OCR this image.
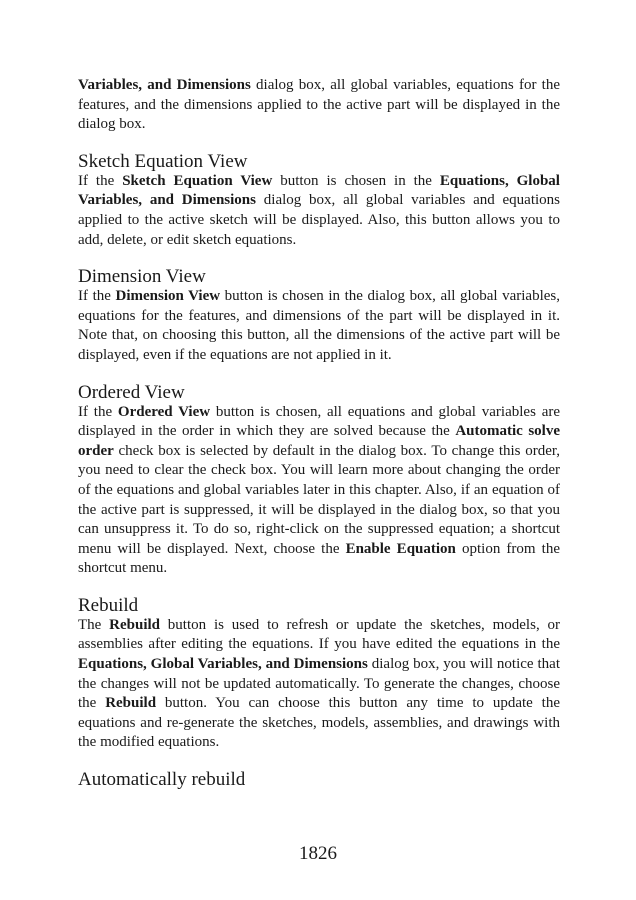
Variables, and Dimensions dialog box, all global variables, equations for the features, and the dimensions applied to the active part will be displayed in the dialog box.

Sketch Equation View

If the Sketch Equation View button is chosen in the Equations, Global Variables, and Dimensions dialog box, all global variables and equations applied to the active sketch will be displayed. Also, this button allows you to add, delete, or edit sketch equations.

Dimension View

If the Dimension View button is chosen in the dialog box, all global variables, equations for the features, and dimensions of the part will be displayed in it. Note that, on choosing this button, all the dimensions of the active part will be displayed, even if the equations are not applied in it.

Ordered View

If the Ordered View button is chosen, all equations and global variables are displayed in the order in which they are solved because the Automatic solve order check box is selected by default in the dialog box. To change this order, you need to clear the check box. You will learn more about changing the order of the equations and global variables later in this chapter. Also, if an equation of the active part is suppressed, it will be displayed in the dialog box, so that you can unsuppress it. To do so, right-click on the suppressed equation; a shortcut menu will be displayed. Next, choose the Enable Equation option from the shortcut menu.

Rebuild

The Rebuild button is used to refresh or update the sketches, models, or assemblies after editing the equations. If you have edited the equations in the Equations, Global Variables, and Dimensions dialog box, you will notice that the changes will not be updated automatically. To generate the changes, choose the Rebuild button. You can choose this button any time to update the equations and re-generate the sketches, models, assemblies, and drawings with the modified equations.

Automatically rebuild
1826
